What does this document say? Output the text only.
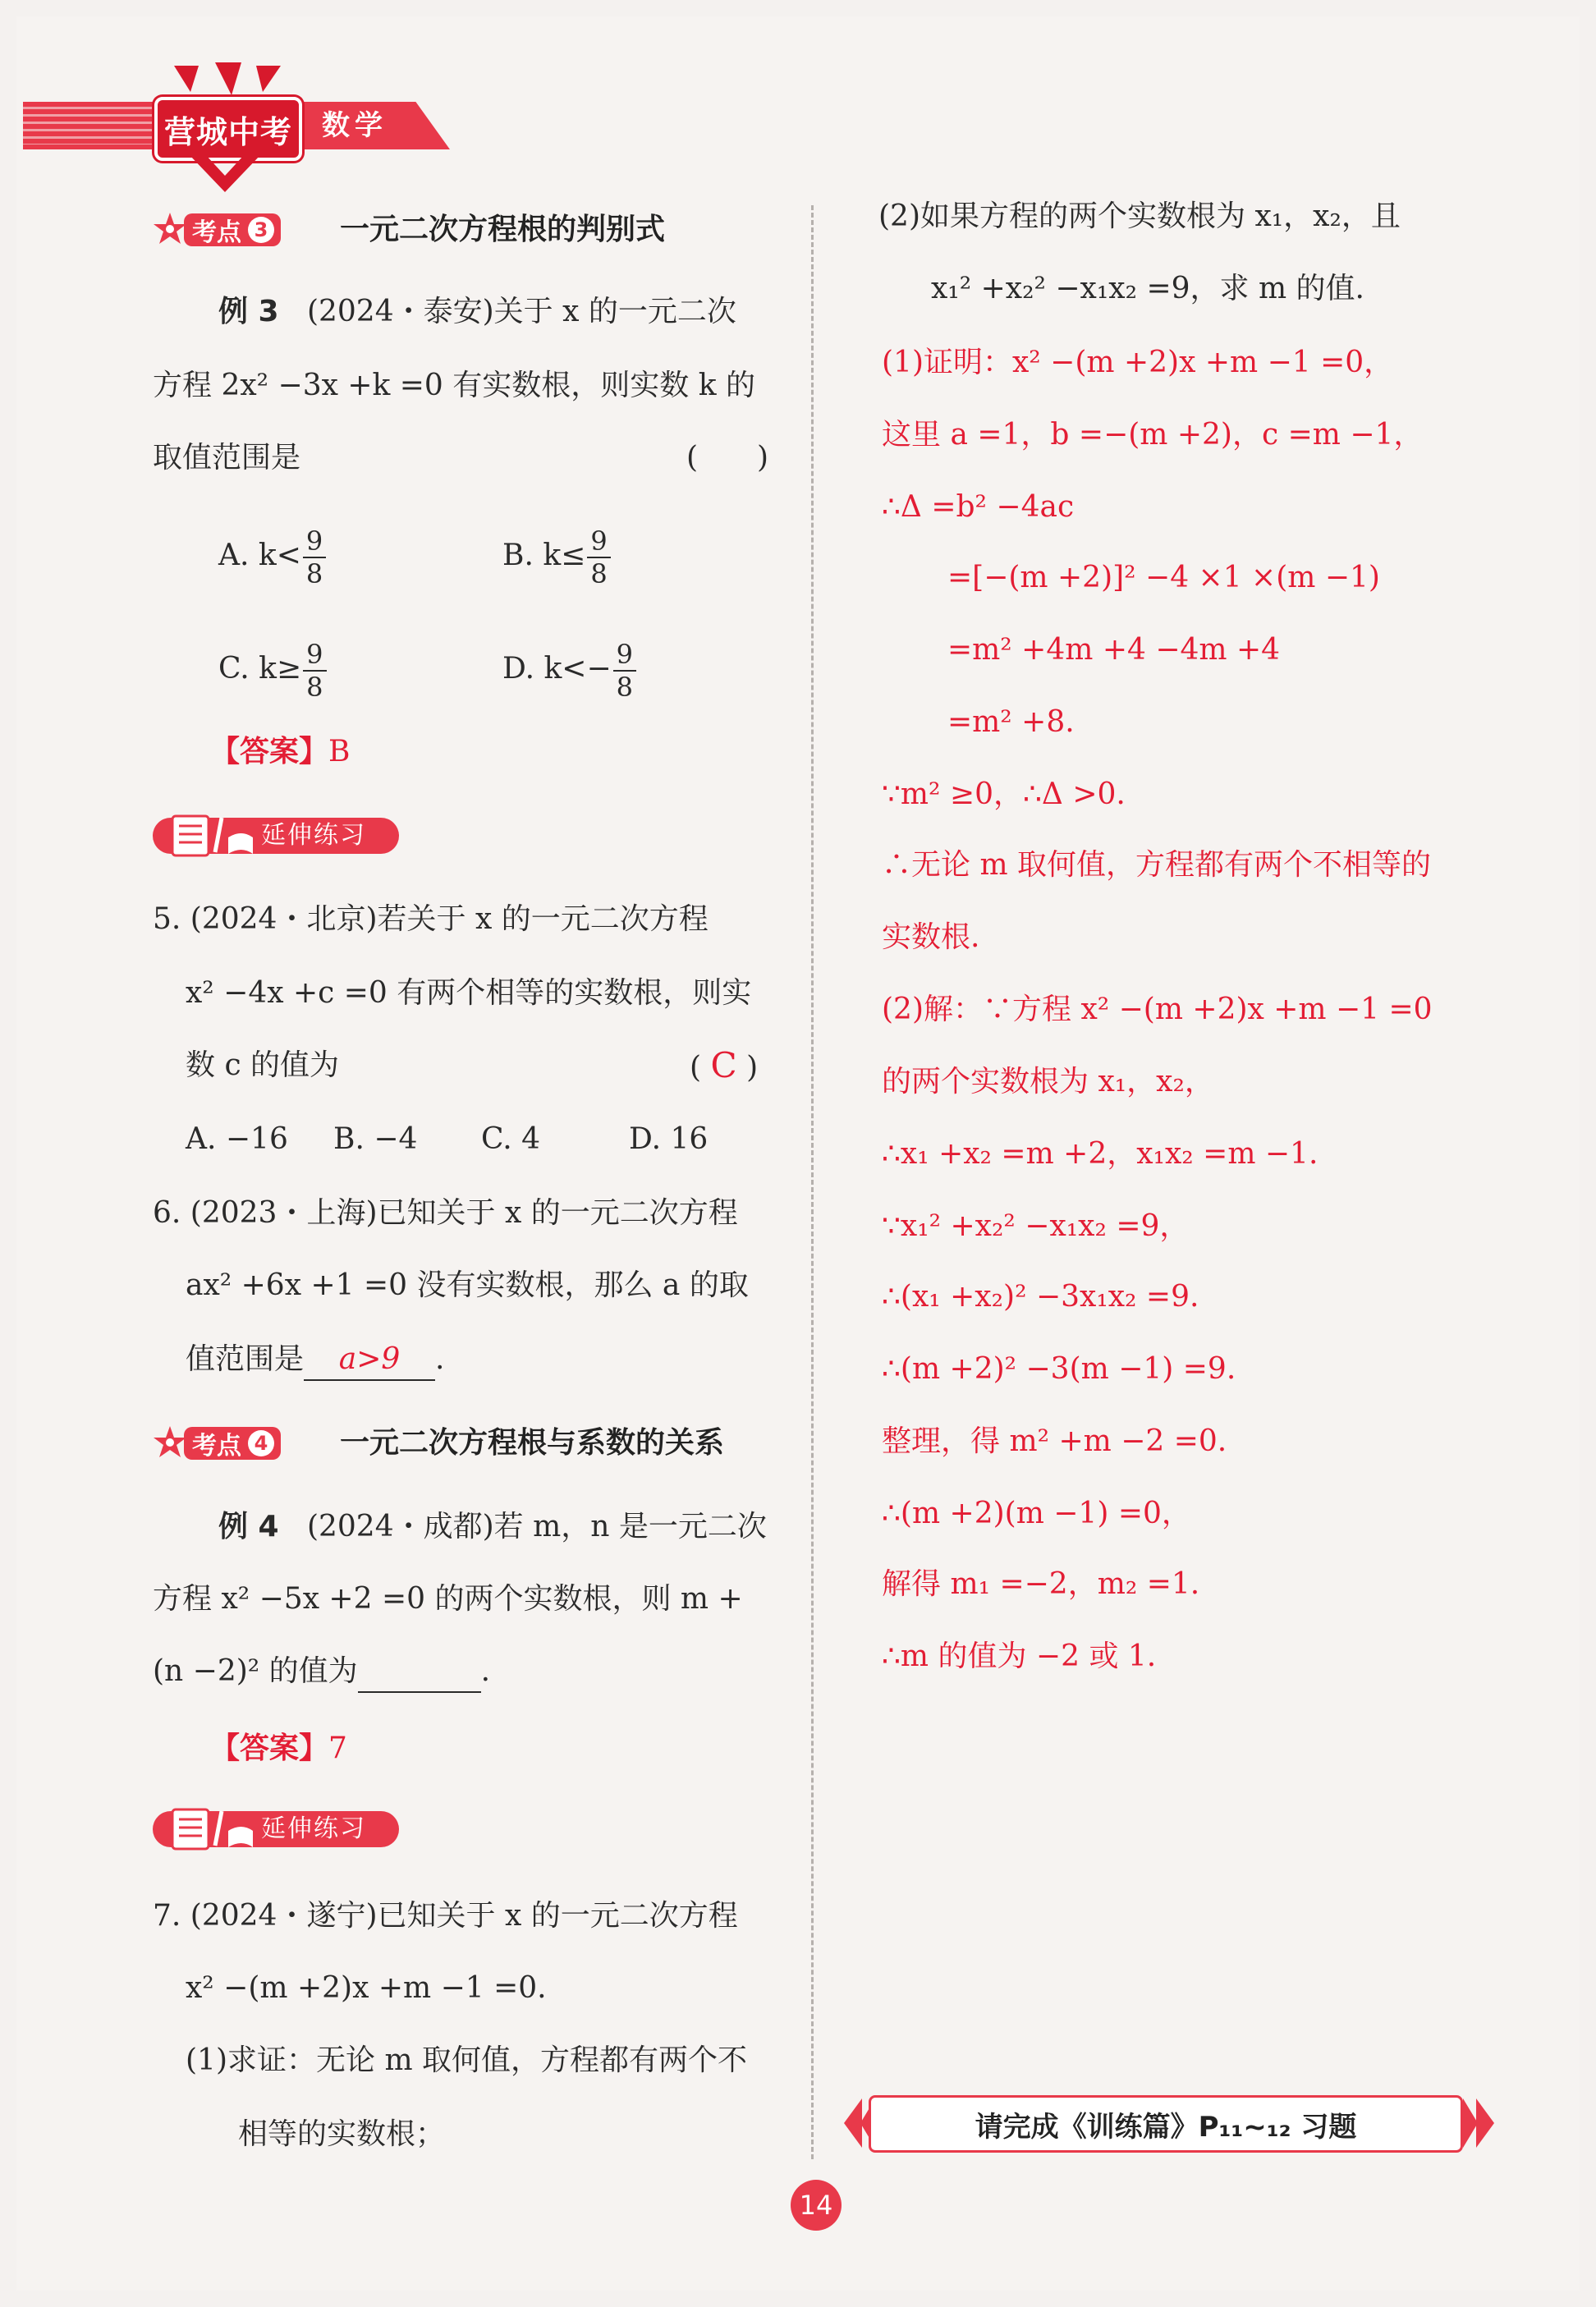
营城中考 数学
考点 3 一元二次方程根的判别式
例 3 (2024・泰安)关于 x 的一元二次
方程 2x² −3x +k =0 有实数根，则实数 k 的
取值范围是	(　　)
A. $k< \frac{9}{8}$	B. $k\le \frac{9}{8}$
C. $k\ge \frac{9}{8}$	D. $k<- \frac{9}{8}$
【答案】B
延伸练习
5. (2024・北京)若关于 x 的一元二次方程
x² −4x +c =0 有两个相等的实数根，则实
数 c 的值为	( C )
A. −16 B. −4 C. 4	D. 16
6. (2023・上海)已知关于 x 的一元二次方程
ax² +6x +1 =0 没有实数根，那么 a 的取
值范围是 a>9 .
考点 4 一元二次方程根与系数的关系
例 4 (2024・成都)若 m，n 是一元二次
方程 x² −5x +2 =0 的两个实数根，则 m +
(n −2)² 的值为	.
【答案】7
延伸练习
7. (2024・遂宁)已知关于 x 的一元二次方程
x² −(m +2)x +m −1 =0.
(1)求证：无论 m 取何值，方程都有两个不
相等的实数根；
(2)如果方程的两个实数根为 x₁，x₂，且
x₁² +x₂² −x₁x₂ =9，求 m 的值.
(1)证明：x² −(m +2)x +m −1 =0，
这里 a =1，b =−(m +2)，c =m −1，
∴Δ =b² −4ac
=[−(m +2)]² −4 ×1 ×(m −1)
=m² +4m +4 −4m +4
=m² +8.
∵m² ≥0，∴Δ >0.
∴无论 m 取何值，方程都有两个不相等的
实数根.
(2)解：∵方程 x² −(m +2)x +m −1 =0
的两个实数根为 x₁，x₂，
∴x₁ +x₂ =m +2，x₁x₂ =m −1.
∵x₁² +x₂² −x₁x₂ =9，
∴(x₁ +x₂)² −3x₁x₂ =9.
∴(m +2)² −3(m −1) =9.
整理，得 m² +m −2 =0.
∴(m +2)(m −1) =0，
解得 m₁ =−2，m₂ =1.
∴m 的值为 −2 或 1.
请完成《训练篇》P₁₁~₁₂ 习题
14
